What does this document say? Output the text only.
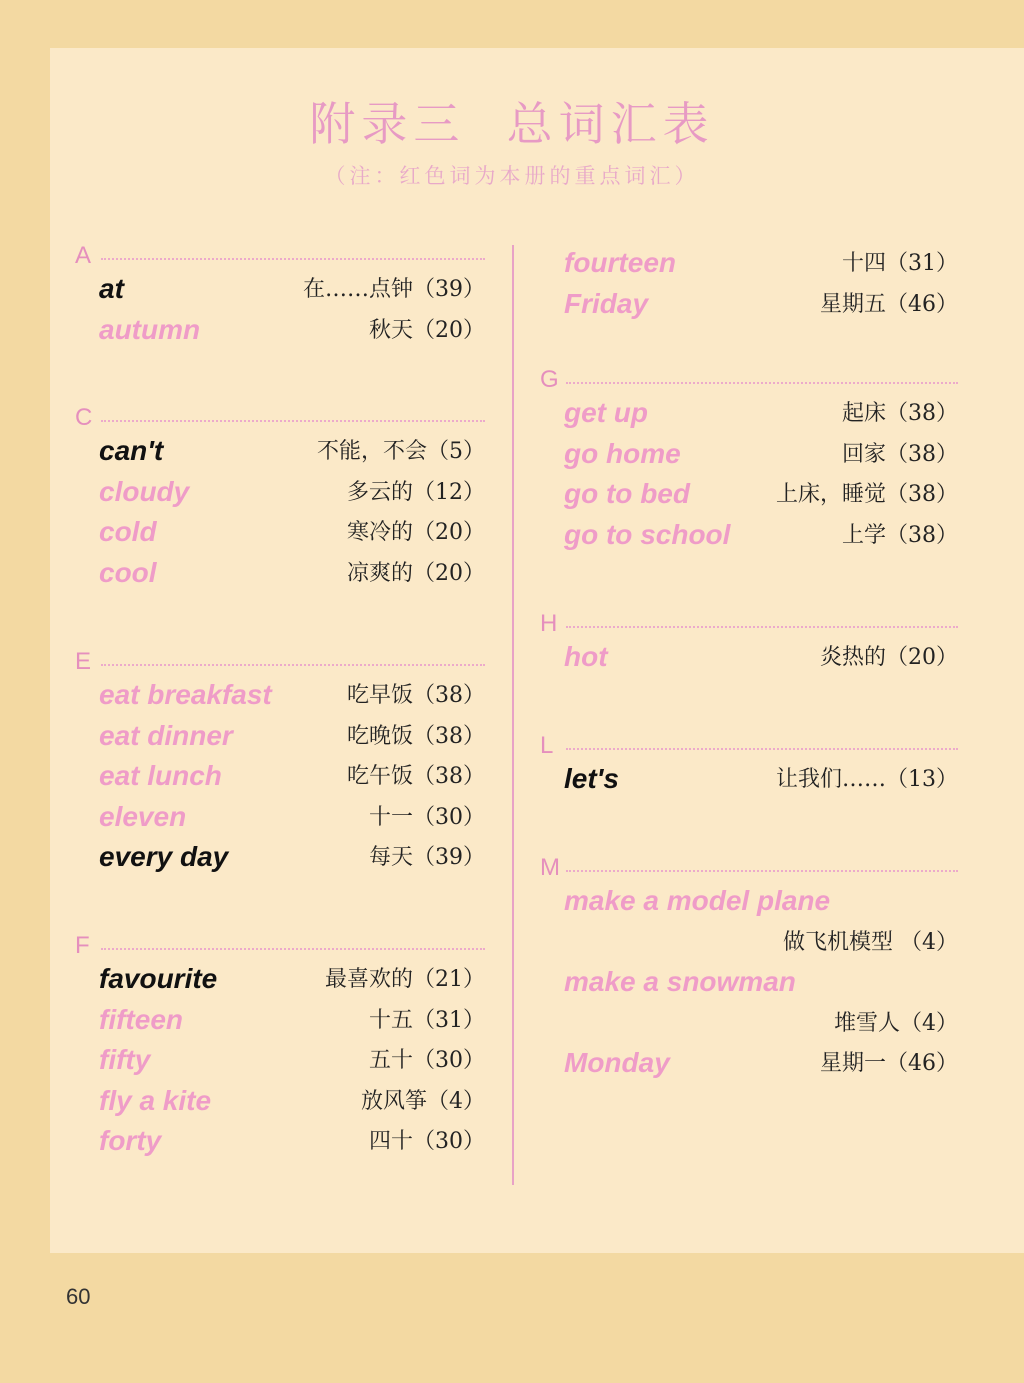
附录三  总词汇表
（注：红色词为本册的重点词汇）
A
at	在……点钟（39）
autumn	秋天（20）
C
can't	不能，不会（5）
cloudy	多云的（12）
cold	寒冷的（20）
cool	凉爽的（20）
E
eat breakfast	吃早饭（38）
eat dinner	吃晚饭（38）
eat lunch	吃午饭（38）
eleven	十一（30）
every day	每天（39）
F
favourite	最喜欢的（21）
fifteen	十五（31）
fifty	五十（30）
fly a kite	放风筝（4）
forty	四十（30）
fourteen	十四（31）
Friday	星期五（46）
G
get up	起床（38）
go home	回家（38）
go to bed	上床，睡觉（38）
go to school	上学（38）
H
hot	炎热的（20）
L
let's	让我们……（13）
M
make a model plane
做飞机模型 （4）
make a snowman
堆雪人（4）
Monday	星期一（46）
60
